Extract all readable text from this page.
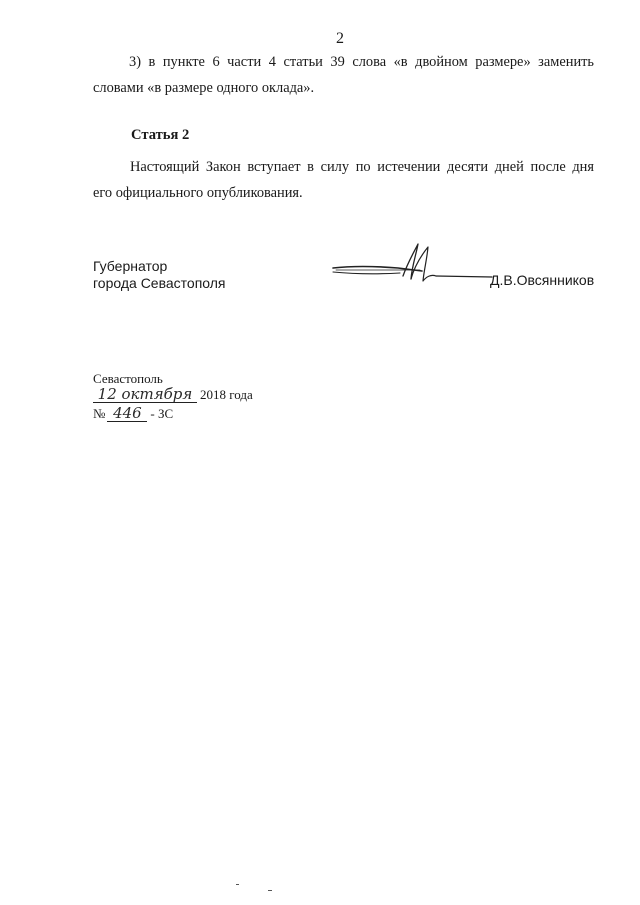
2
3) в пункте 6 части 4 статьи 39 слова «в двойном размере» заменить
словами «в размере одного оклада».
Статья 2
Настоящий Закон вступает в силу по истечении десяти дней после дня
его официального опубликования.
Губернатор
города Севастополя	Д.В.Овсянников
Севастополь
12 октября 2018 года
№ 446 - ЗС
